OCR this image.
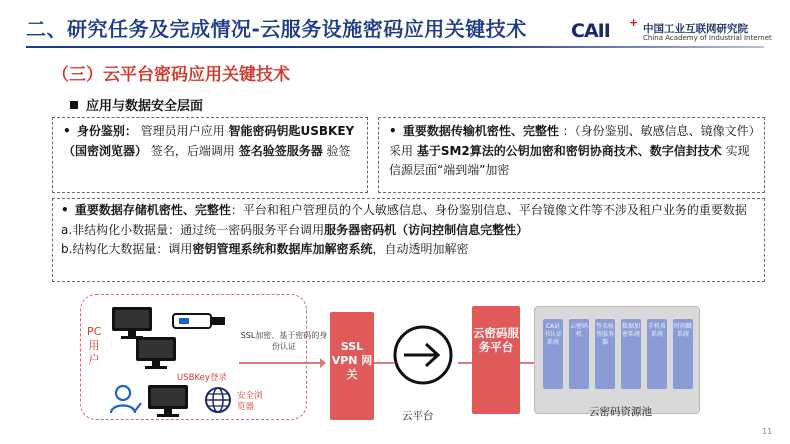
二、研究任务及完成情况-云服务设施密码应用关键技术 CAII + 中国工业互联网研究院
China Academy of Industrial Internet
（三）云平台密码应用关键技术
应用与数据安全层面
• 身份鉴别： 管理员用户应用 智能密码钥匙USBKEY（国密浏览器） 签名，后端调用 签名验签服务器 验签
• 重要数据传输机密性、完整性 ：（身份鉴别、敏感信息、镜像文件）采用 基于SM2算法的公钥加密和密钥协商技术、数字信封技术 实现信源层面“端到端”加密
• 重要数据存储机密性、完整性：平台和租户管理员的个人敏感信息、身份鉴别信息、平台镜像文件等不涉及租户业务的重要数据
a.非结构化小数据量：通过统一密码服务平台调用服务器密码机（访问控制信息完整性）
b.结构化大数据量：调用密钥管理系统和数据库加解密系统，自动透明加解密
PC用户
USBKey登录
安全浏览器
SSL加密、基于密码的身份认证	SSL VPN 网关
云平台
云密码服务平台
CA证书认证系统
云密码机
签名验签服务器
数据加密系统
手机盾系统
时间戳系统
云密码资源池
11
